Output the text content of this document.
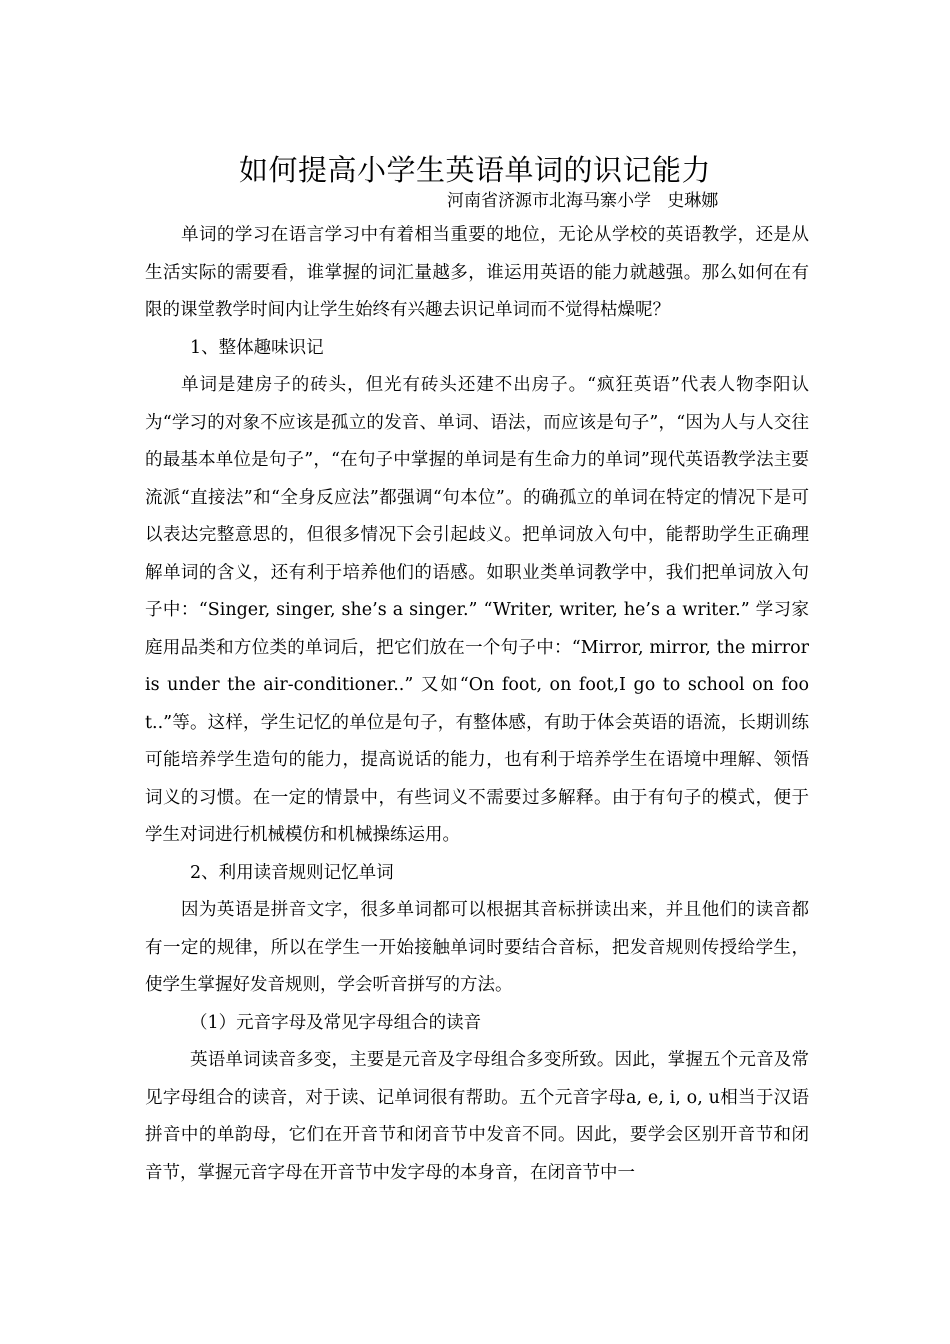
如何提高小学生英语单词的识记能力
河南省济源市北海马寨小学   史琳娜

单词的学习在语言学习中有着相当重要的地位，无论从学校的英语教学，还是从生活实际的需要看，谁掌握的词汇量越多，谁运用英语的能力就越强。那么如何在有限的课堂教学时间内让学生始终有兴趣去识记单词而不觉得枯燥呢？

1、整体趣味识记

单词是建房子的砖头，但光有砖头还建不出房子。“疯狂英语”代表人物李阳认为“学习的对象不应该是孤立的发音、单词、语法，而应该是句子”，“因为人与人交往的最基本单位是句子”，“在句子中掌握的单词是有生命力的单词”现代英语教学法主要流派“直接法”和“全身反应法”都强调“句本位”。的确孤立的单词在特定的情况下是可以表达完整意思的，但很多情况下会引起歧义。把单词放入句中，能帮助学生正确理解单词的含义，还有利于培养他们的语感。如职业类单词教学中，我们把单词放入句子中：“Singer, singer, she’s a singer.” “Writer, writer, he’s a writer.” 学习家庭用品类和方位类的单词后，把它们放在一个句子中：“Mirror, mirror, the mirror is under the air-conditioner..” 又如“On foot, on foot,I go to school on foot..”等。这样，学生记忆的单位是句子，有整体感，有助于体会英语的语流，长期训练可能培养学生造句的能力，提高说话的能力，也有利于培养学生在语境中理解、领悟词义的习惯。在一定的情景中，有些词义不需要过多解释。由于有句子的模式，便于学生对词进行机械模仿和机械操练运用。

2、利用读音规则记忆单词

因为英语是拼音文字，很多单词都可以根据其音标拼读出来，并且他们的读音都有一定的规律，所以在学生一开始接触单词时要结合音标，把发音规则传授给学生，使学生掌握好发音规则，学会听音拼写的方法。

（1）元音字母及常见字母组合的读音

英语单词读音多变，主要是元音及字母组合多变所致。因此，掌握五个元音及常见字母组合的读音，对于读、记单词很有帮助。五个元音字母a, e, i, o, u相当于汉语拼音中的单韵母，它们在开音节和闭音节中发音不同。因此，要学会区别开音节和闭音节，掌握元音字母在开音节中发字母的本身音，在闭音节中一
